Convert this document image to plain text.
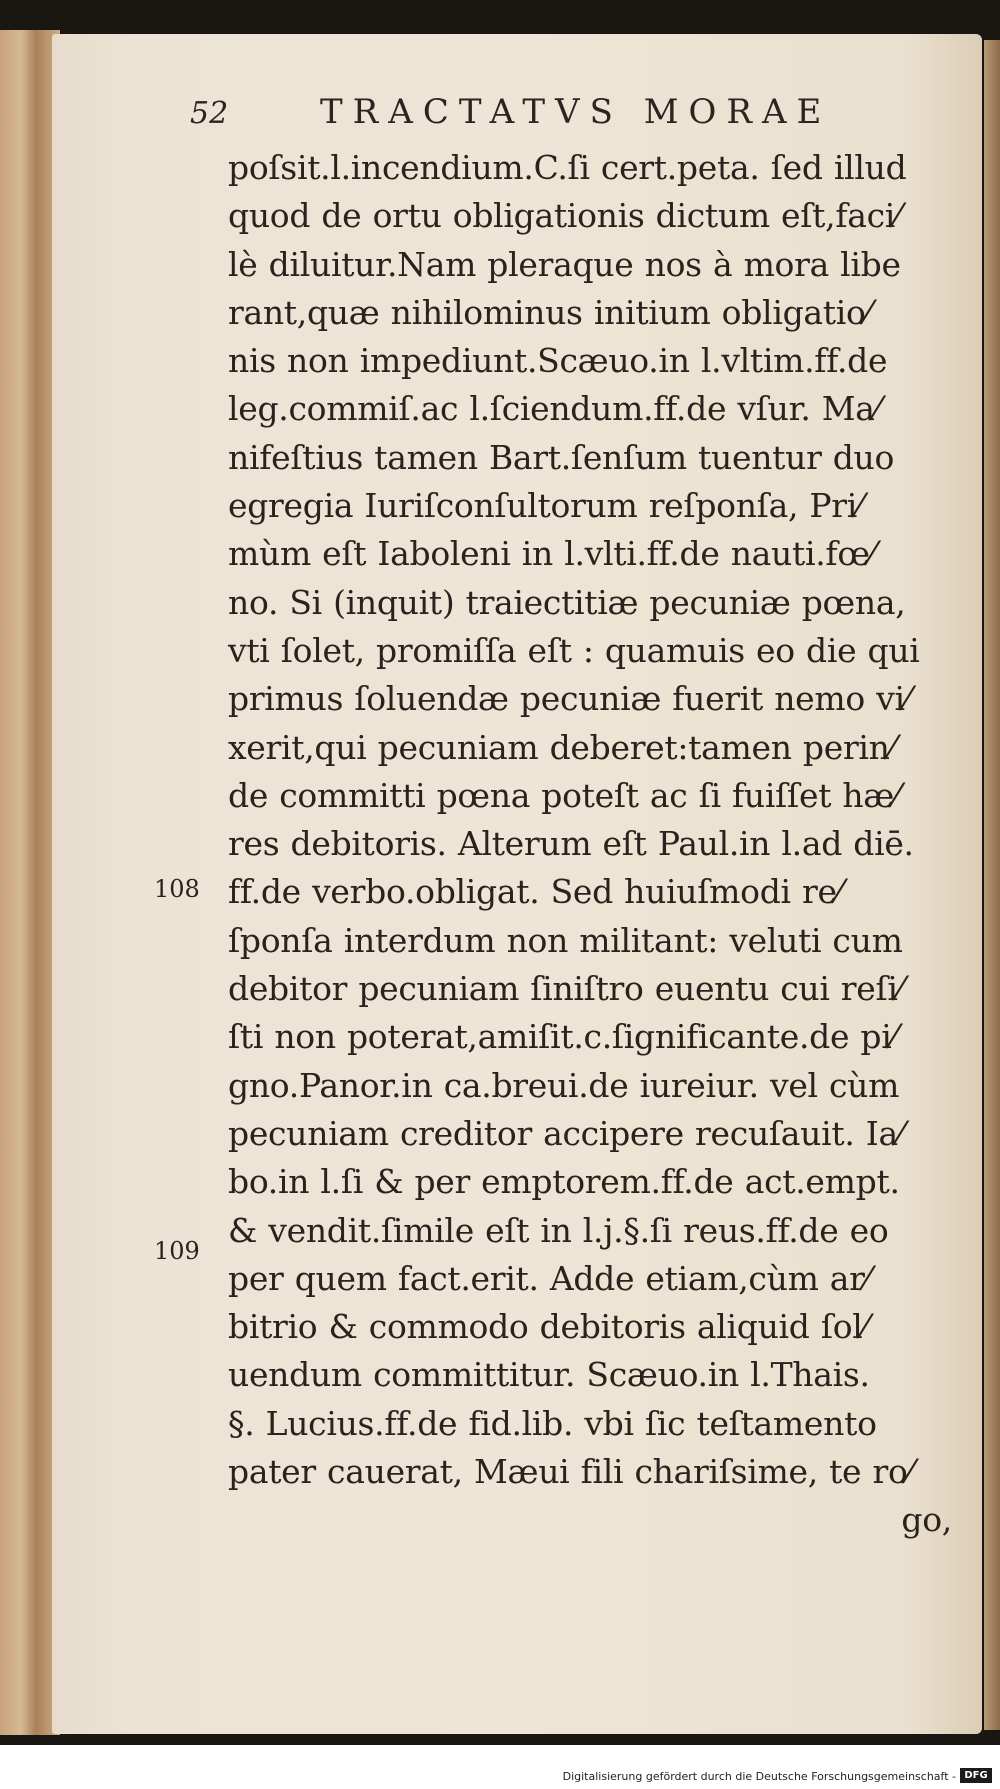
52	TRACTATVS MORAE
108
109
poſsit.l.incendium.C.ſi cert.peta. ſed illud
quod de ortu obligationis dictum eſt,faci⁄
lè diluitur.Nam pleraque nos à mora libe
rant,quæ nihilominus initium obligatio⁄
nis non impediunt.Scæuo.in l.vltim.ff.de
leg.commiſ.ac l.ſciendum.ff.de vſur. Ma⁄
nifeſtius tamen Bart.ſenſum tuentur duo
egregia Iuriſconſultorum reſponſa, Pri⁄
mùm eſt Iaboleni in l.vlti.ff.de nauti.fœ⁄
no. Si (inquit) traiectitiæ pecuniæ pœna,
vti ſolet, promiſſa eſt : quamuis eo die qui
primus ſoluendæ pecuniæ fuerit nemo vi⁄
xerit,qui pecuniam deberet:tamen perin⁄
de committi pœna poteſt ac ſi fuiſſet hæ⁄
res debitoris. Alterum eſt Paul.in l.ad diē.
ff.de verbo.obligat. Sed huiuſmodi re⁄
ſponſa interdum non militant: veluti cum
debitor pecuniam ſiniſtro euentu cui reſi⁄
ſti non poterat,amiſit.c.ſignificante.de pi⁄
gno.Panor.in ca.breui.de iureiur. vel cùm
pecuniam creditor accipere recuſauit. Ia⁄
bo.in l.ſi & per emptorem.ff.de act.empt.
& vendit.ſimile eſt in l.j.§.ſi reus.ff.de eo
per quem fact.erit. Adde etiam,cùm ar⁄
bitrio & commodo debitoris aliquid ſol⁄
uendum committitur. Scæuo.in l.Thais.
§. Lucius.ff.de fid.lib. vbi ſic teſtamento
pater cauerat, Mæui fili chariſsime, te ro⁄
go,
Digitalisierung gefördert durch die Deutsche Forschungsgemeinschaft - DFG
